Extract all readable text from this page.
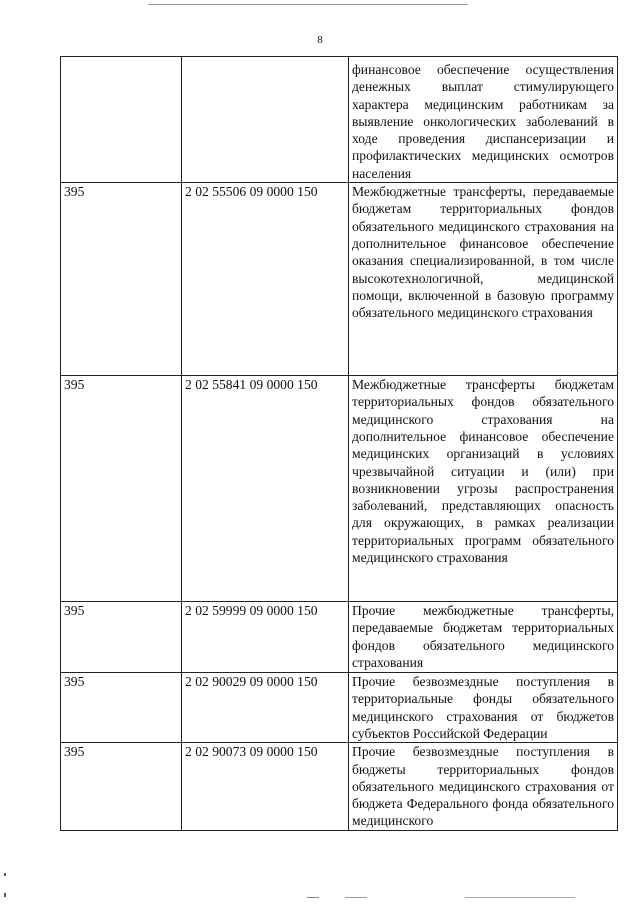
8
		финансовое обеспечение осуществления денежных выплат стимулирующего характера медицинским работникам за выявление онкологических заболеваний в ходе проведения диспансеризации и профилактических медицинских осмотров населения
395	2 02 55506 09 0000 150	Межбюджетные трансферты, передаваемые бюджетам территориальных фондов обязательного медицинского страхования на дополнительное финансовое обеспечение оказания специализированной, в том числе высокотехнологичной, медицинской помощи, включенной в базовую программу обязательного медицинского страхования
395	2 02 55841 09 0000 150	Межбюджетные трансферты бюджетам территориальных фондов обязательного медицинского страхования на дополнительное финансовое обеспечение медицинских организаций в условиях чрезвычайной ситуации и (или) при возникновении угрозы распространения заболеваний, представляющих опасность для окружающих, в рамках реализации территориальных программ обязательного медицинского страхования
395	2 02 59999 09 0000 150	Прочие межбюджетные трансферты, передаваемые бюджетам территориальных фондов обязательного медицинского страхования
395	2 02 90029 09 0000 150	Прочие безвозмездные поступления в территориальные фонды обязательного медицинского страхования от бюджетов субъектов Российской Федерации
395	2 02 90073 09 0000 150	Прочие безвозмездные поступления в бюджеты территориальных фондов обязательного медицинского страхования от бюджета Федерального фонда обязательного медицинского
